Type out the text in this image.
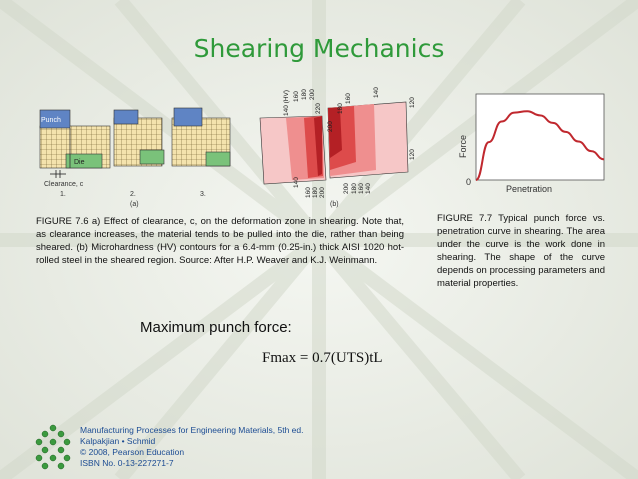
Shearing Mechanics
Punch
Die
Clearance, c
1.	2.	3.
(a)
140 (HV) 160 180 200
220
200
180
160
140
120
140
160 180 200	200 180 160 140
120
(b)
Force
Penetration
0
FIGURE 7.6 a) Effect of clearance, c, on the deformation zone in shearing. Note that, as clearance increases, the material tends to be pulled into the die, rather than being sheared. (b) Microhardness (HV) contours for a 6.4-mm (0.25-in.) thick AISI 1020 hot-rolled steel in the sheared region. Source: After H.P. Weaver and K.J. Weinmann.
FIGURE 7.7 Typical punch force vs. penetration curve in shearing. The area under the curve is the work done in shearing. The shape of the curve depends on processing parameters and material properties.
Maximum punch force:
Fmax = 0.7(UTS)tL
Manufacturing Processes for Engineering Materials, 5th ed.
Kalpakjian • Schmid
© 2008, Pearson Education
ISBN No. 0-13-227271-7
